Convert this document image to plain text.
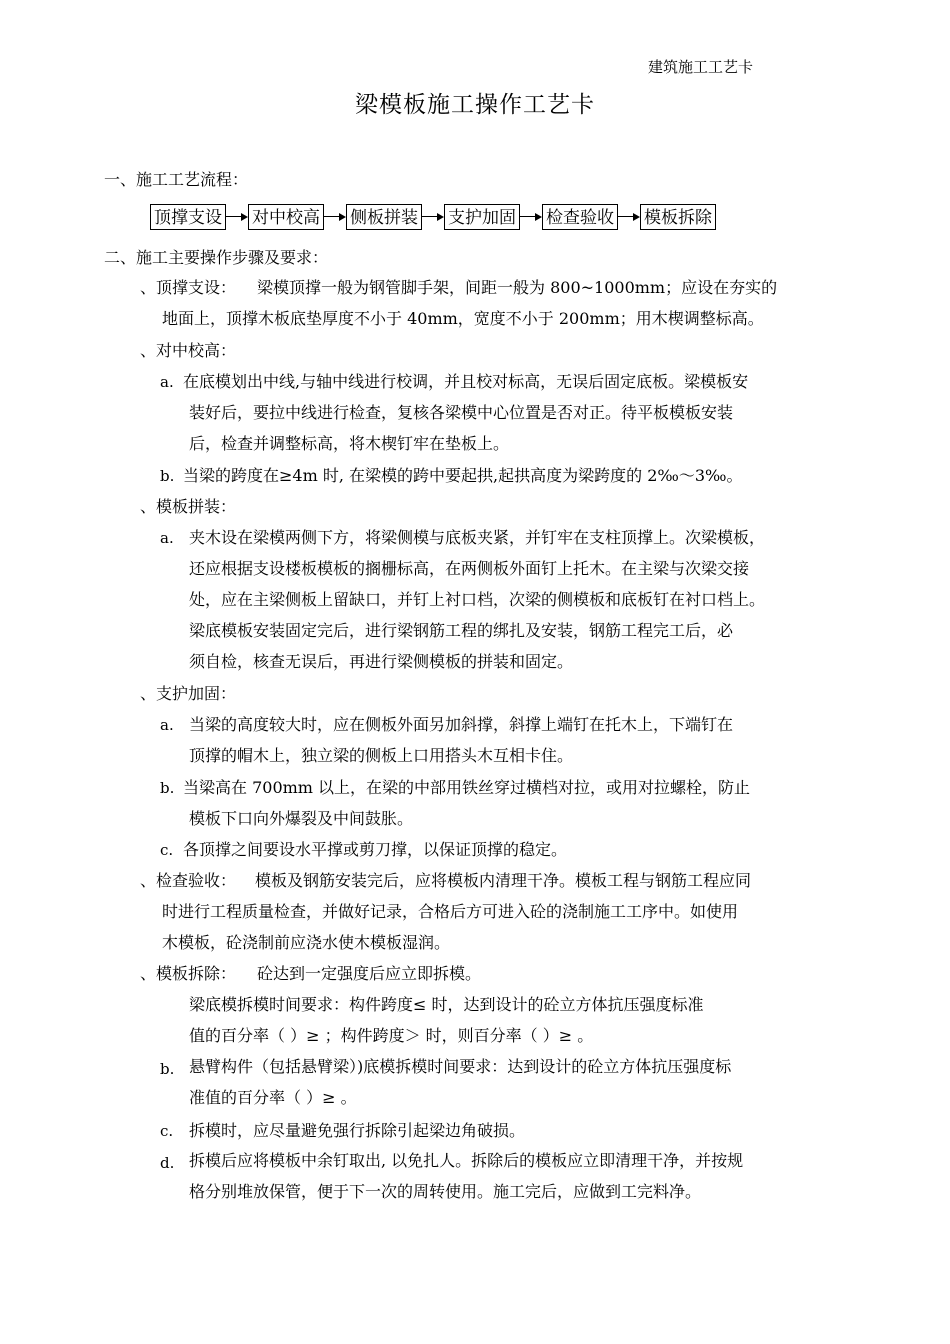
建筑施工工艺卡
梁模板施工操作工艺卡
一、施工工艺流程：
顶撑支设 对中校高 侧板拼装 支护加固 检查验收 模板拆除
二、施工主要操作步骤及要求：
、顶撑支设： 梁模顶撑一般为钢管脚手架，间距一般为 800~1000mm；应设在夯实的
地面上，顶撑木板底垫厚度不小于 40mm，宽度不小于 200mm；用木楔调整标高。
、对中校高：
a. 在底模划出中线,与轴中线进行校调，并且校对标高，无误后固定底板。梁模板安
装好后，要拉中线进行检查，复核各梁模中心位置是否对正。待平板模板安装
后，检查并调整标高，将木楔钉牢在垫板上。
b. 当梁的跨度在≥4m 时, 在梁模的跨中要起拱,起拱高度为梁跨度的 2‰～3‰。
、模板拼装：
a. 夹木设在梁模两侧下方，将梁侧模与底板夹紧，并钉牢在支柱顶撑上。次梁模板，
还应根据支设楼板模板的搁栅标高，在两侧板外面钉上托木。在主梁与次梁交接
处，应在主梁侧板上留缺口，并钉上衬口档，次梁的侧模板和底板钉在衬口档上。
梁底模板安装固定完后，进行梁钢筋工程的绑扎及安装，钢筋工程完工后，必
须自检，核查无误后，再进行梁侧模板的拼装和固定。
、支护加固：
a. 当梁的高度较大时，应在侧板外面另加斜撑，斜撑上端钉在托木上，下端钉在
顶撑的帽木上，独立梁的侧板上口用搭头木互相卡住。
b. 当梁高在 700mm 以上，在梁的中部用铁丝穿过横档对拉，或用对拉螺栓，防止
模板下口向外爆裂及中间鼓胀。
c. 各顶撑之间要设水平撑或剪刀撑，以保证顶撑的稳定。
、检查验收： 模板及钢筋安装完后，应将模板内清理干净。模板工程与钢筋工程应同
时进行工程质量检查，并做好记录，合格后方可进入砼的浇制施工工序中。如使用
木模板，砼浇制前应浇水使木模板湿润。
、模板拆除： 砼达到一定强度后应立即拆模。
梁底模拆模时间要求：构件跨度≤ 时，达到设计的砼立方体抗压强度标准
值的百分率（ ）≥ ；构件跨度＞ 时，则百分率（ ）≥ 。
b. 悬臂构件（包括悬臂梁）)底模拆模时间要求：达到设计的砼立方体抗压强度标
准值的百分率（ ）≥ 。
c. 拆模时，应尽量避免强行拆除引起梁边角破损。
d. 拆模后应将模板中余钉取出, 以免扎人。拆除后的模板应立即清理干净，并按规
格分别堆放保管，便于下一次的周转使用。施工完后，应做到工完料净。
